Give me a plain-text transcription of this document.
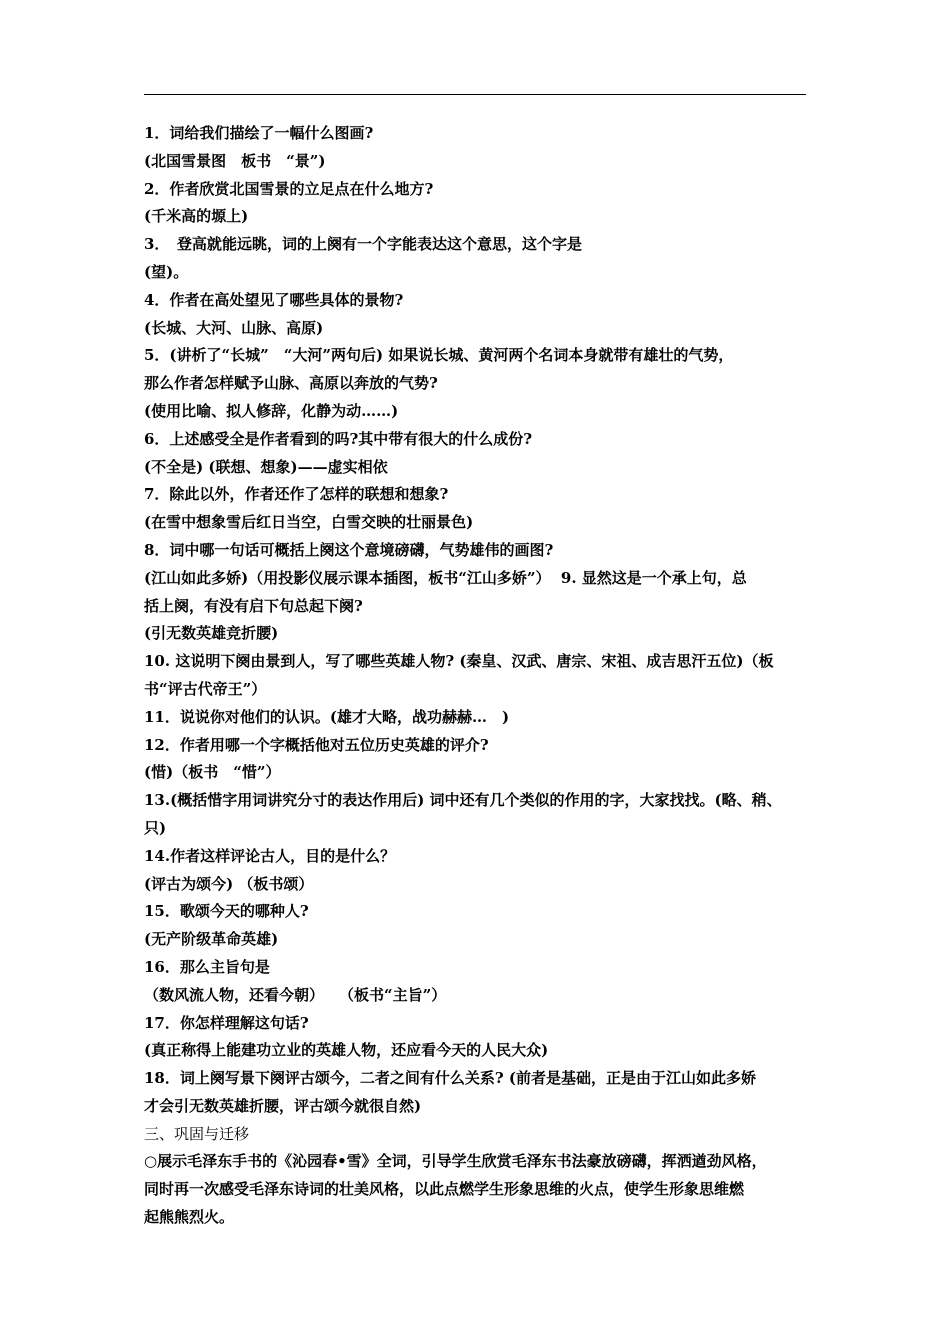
1．词给我们描绘了一幅什么图画?
(北国雪景图　板书　“景”)
2．作者欣赏北国雪景的立足点在什么地方?
(千米高的塬上)
3．　登高就能远眺，词的上阕有一个字能表达这个意思，这个字是
(望)。
4．作者在高处望见了哪些具体的景物?
(长城、大河、山脉、高原)
5．(讲析了“长城”　“大河”两句后) 如果说长城、黄河两个名词本身就带有雄壮的气势，
那么作者怎样赋予山脉、高原以奔放的气势?
(使用比喻、拟人修辞，化静为动……)
6．上述感受全是作者看到的吗?其中带有很大的什么成份?
(不全是) (联想、想象)——虚实相依
7．除此以外，作者还作了怎样的联想和想象?
(在雪中想象雪后红日当空，白雪交映的壮丽景色)
8．词中哪一句话可概括上阕这个意境磅礴，气势雄伟的画图?
(江山如此多娇)（用投影仪展示课本插图，板书“江山多娇”）  9. 显然这是一个承上句，总
括上阕，有没有启下句总起下阕?
(引无数英雄竞折腰)
10. 这说明下阕由景到人，写了哪些英雄人物? (秦皇、汉武、唐宗、宋祖、成吉思汗五位)（板
书“评古代帝王”）
11．说说你对他们的认识。(雄才大略，战功赫赫…　)
12．作者用哪一个字概括他对五位历史英雄的评介?
(惜)（板书　“惜”）
13.(概括惜字用词讲究分寸的表达作用后) 词中还有几个类似的作用的字，大家找找。(略、稍、
只)
14.作者这样评论古人，目的是什么？
(评古为颂今) （板书颂）
15．歌颂今天的哪种人?
(无产阶级革命英雄)
16．那么主旨句是
（数风流人物，还看今朝）　　（板书“主旨”）
17．你怎样理解这句话?
(真正称得上能建功立业的英雄人物，还应看今天的人民大众)
18．词上阕写景下阕评古颂今，二者之间有什么关系? (前者是基础，正是由于江山如此多娇
才会引无数英雄折腰，评古颂今就很自然)
三、巩固与迁移
○展示毛泽东手书的《沁园春•雪》全词，引导学生欣赏毛泽东书法豪放磅礴，挥洒遒劲风格，
同时再一次感受毛泽东诗词的壮美风格，以此点燃学生形象思维的火点，使学生形象思维燃
起熊熊烈火。
